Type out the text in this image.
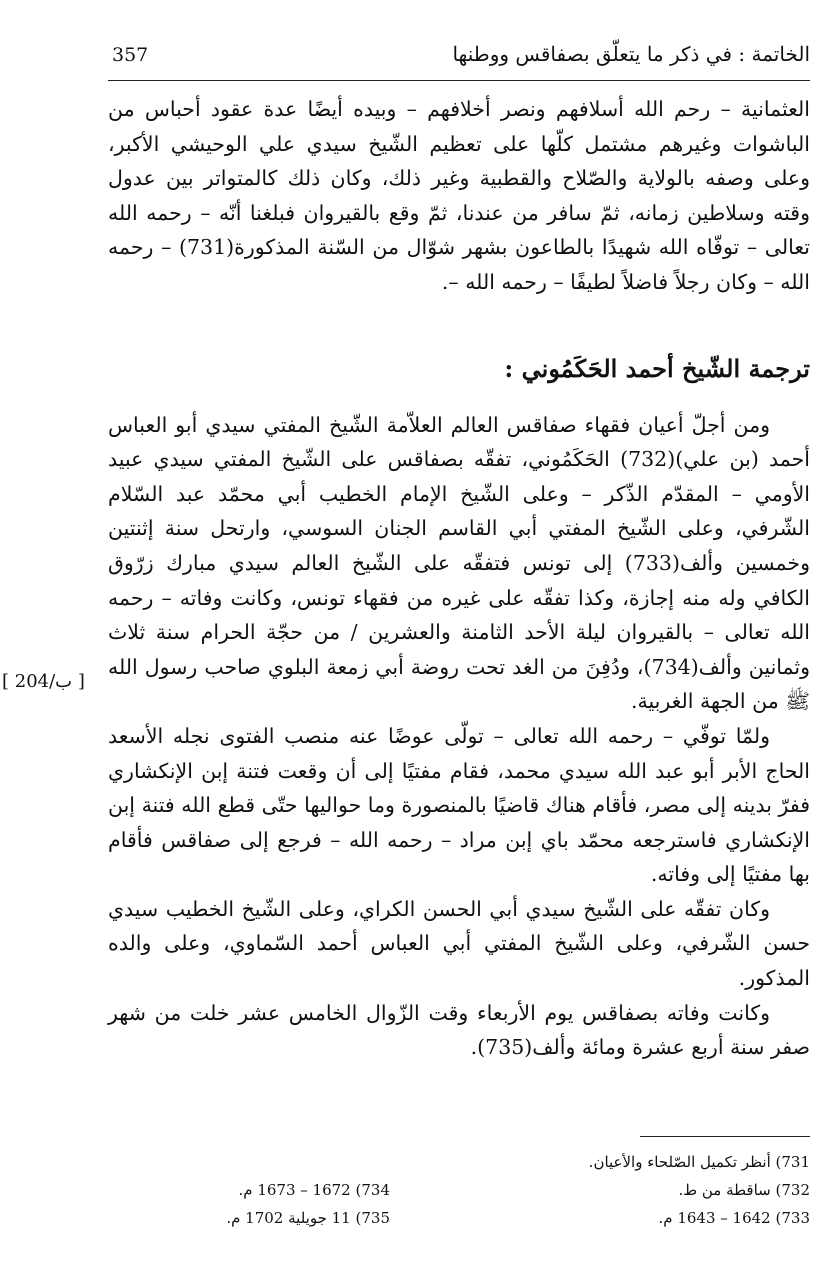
357	الخاتمة : في ذكر ما يتعلّق بصفاقس ووطنها

العثمانية – رحم الله أسلافهم ونصر أخلافهم – وبيده أيضًا عدة عقود أحباس من الباشوات وغيرهم مشتمل كلّها على تعظيم الشّيخ سيدي علي الوحيشي الأكبر، وعلى وصفه بالولاية والصّلاح والقطبية وغير ذلك، وكان ذلك كالمتواتر بين عدول وقته وسلاطين زمانه، ثمّ سافر من عندنا، ثمّ وقع بالقيروان فبلغنا أنّه – رحمه الله تعالى – توفّاه الله شهيدًا بالطاعون بشهر شوّال من السّنة المذكورة(731) – رحمه الله – وكان رجلاً فاضلاً لطيفًا – رحمه الله –.

ترجمة الشّيخ أحمد الحَكَمُوني :

ومن أجلّ أعيان فقهاء صفاقس العالم العلاّمة الشّيخ المفتي سيدي أبو العباس أحمد (بن علي)(732) الحَكَمُوني، تفقّه بصفاقس على الشّيخ المفتي سيدي عبيد الأومي – المقدّم الذّكر – وعلى الشّيخ الإمام الخطيب أبي محمّد عبد السّلام الشّرفي، وعلى الشّيخ المفتي أبي القاسم الجنان السوسي، وارتحل سنة إثنتين وخمسين وألف(733) إلى تونس فتفقّه على الشّيخ العالم سيدي مبارك زرّوق الكافي وله منه إجازة، وكذا تفقّه على غيره من فقهاء تونس، وكانت وفاته – رحمه الله تعالى – بالقيروان ليلة الأحد الثامنة والعشرين / من حجّة الحرام سنة ثلاث وثمانين وألف(734)، ودُفِنَ من الغد تحت روضة أبي زمعة البلوي صاحب رسول الله ﷺ من الجهة الغربية.

ولمّا توفّي – رحمه الله تعالى – تولّى عوضًا عنه منصب الفتوى نجله الأسعد الحاج الأبر أبو عبد الله سيدي محمد، فقام مفتيًا إلى أن وقعت فتنة إبن الإنكشاري ففرّ بدينه إلى مصر، فأقام هناك قاضيًا بالمنصورة وما حواليها حتّى قطع الله فتنة إبن الإنكشاري فاسترجعه محمّد باي إبن مراد – رحمه الله – فرجع إلى صفاقس فأقام بها مفتيًا إلى وفاته.

وكان تفقّه على الشّيخ سيدي أبي الحسن الكراي، وعلى الشّيخ الخطيب سيدي حسن الشّرفي، وعلى الشّيخ المفتي أبي العباس أحمد السّماوي، وعلى والده المذكور.

وكانت وفاته بصفاقس يوم الأربعاء وقت الزّوال الخامس عشر خلت من شهر صفر سنة أربع عشرة ومائة وألف(735).

[ 204/ب ]
731) أنظر تكميل الصّلحاء والأعيان.
732) ساقطة من ط.
734) 1672 – 1673 م.
733) 1642 – 1643 م.
735) 11 جويلية 1702 م.
